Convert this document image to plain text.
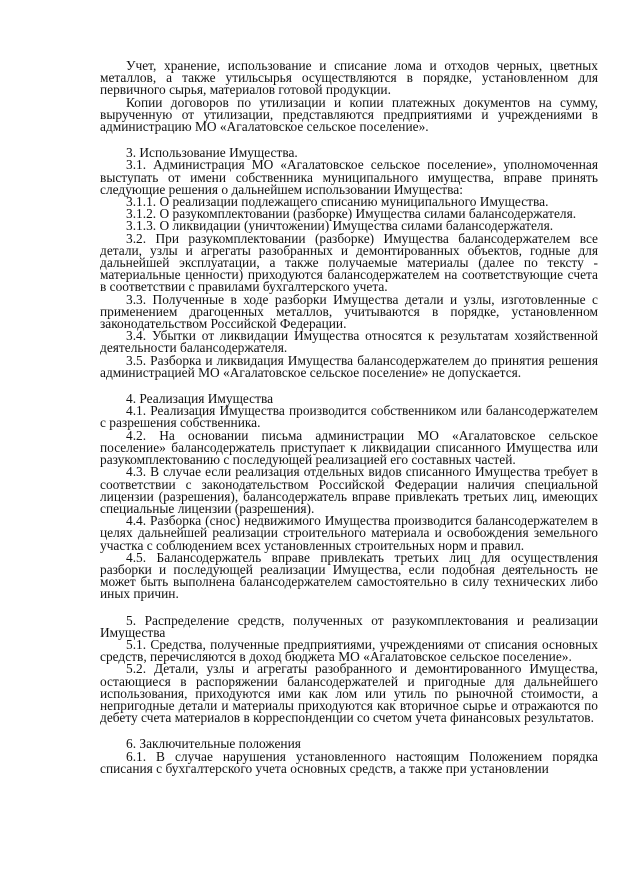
Учет, хранение, использование и списание лома и отходов черных, цветных металлов, а также утильсырья осуществляются в порядке, установленном для первичного сырья, материалов готовой продукции.

Копии договоров по утилизации и копии платежных документов на сумму, вырученную от утилизации, представляются предприятиями и учреждениями в администрацию МО «Агалатовское сельское поселение».

3. Использование Имущества.

3.1. Администрация МО «Агалатовское сельское поселение», уполномоченная выступать от имени собственника муниципального имущества, вправе принять следующие решения о дальнейшем использовании Имущества:

3.1.1. О реализации подлежащего списанию муниципального Имущества.

3.1.2. О разукомплектовании (разборке) Имущества силами балансодержателя.

3.1.3. О ликвидации (уничтожении) Имущества силами балансодержателя.

3.2. При разукомплектовании (разборке) Имущества балансодержателем все детали, узлы и агрегаты разобранных и демонтированных объектов, годные для дальнейшей эксплуатации, а также получаемые материалы (далее по тексту - материальные ценности) приходуются балансодержателем на соответствующие счета в соответствии с правилами бухгалтерского учета.

3.3. Полученные в ходе разборки Имущества детали и узлы, изготовленные с применением драгоценных металлов, учитываются в порядке, установленном законодательством Российской Федерации.

3.4. Убытки от ликвидации Имущества относятся к результатам хозяйственной деятельности балансодержателя.

3.5. Разборка и ликвидация Имущества балансодержателем до принятия решения администрацией МО «Агалатовское сельское поселение» не допускается.

4. Реализация Имущества

4.1. Реализация Имущества производится собственником или балансодержателем с разрешения собственника.

4.2. На основании письма администрации МО «Агалатовское сельское поселение» балансодержатель приступает к ликвидации списанного Имущества или разукомплектованию с последующей реализацией его составных частей.

4.3. В случае если реализация отдельных видов списанного Имущества требует в соответствии с законодательством Российской Федерации наличия специальной лицензии (разрешения), балансодержатель вправе привлекать третьих лиц, имеющих специальные лицензии (разрешения).

4.4. Разборка (снос) недвижимого Имущества производится балансодержателем в целях дальнейшей реализации строительного материала и освобождения земельного участка с соблюдением всех установленных строительных норм и правил.

4.5. Балансодержатель вправе привлекать третьих лиц для осуществления разборки и последующей реализации Имущества, если подобная деятельность не может быть выполнена балансодержателем самостоятельно в силу технических либо иных причин.

5. Распределение средств, полученных от разукомплектования и реализации Имущества

5.1. Средства, полученные предприятиями, учреждениями от списания основных средств, перечисляются в доход бюджета МО «Агалатовское сельское поселение».

5.2. Детали, узлы и агрегаты разобранного и демонтированного Имущества, остающиеся в распоряжении балансодержателей и пригодные для дальнейшего использования, приходуются ими как лом или утиль по рыночной стоимости, а непригодные детали и материалы приходуются как вторичное сырье и отражаются по дебету счета материалов в корреспонденции со счетом учета финансовых результатов.

6. Заключительные положения

6.1. В случае нарушения установленного настоящим Положением порядка списания с бухгалтерского учета основных средств, а также при установлении
